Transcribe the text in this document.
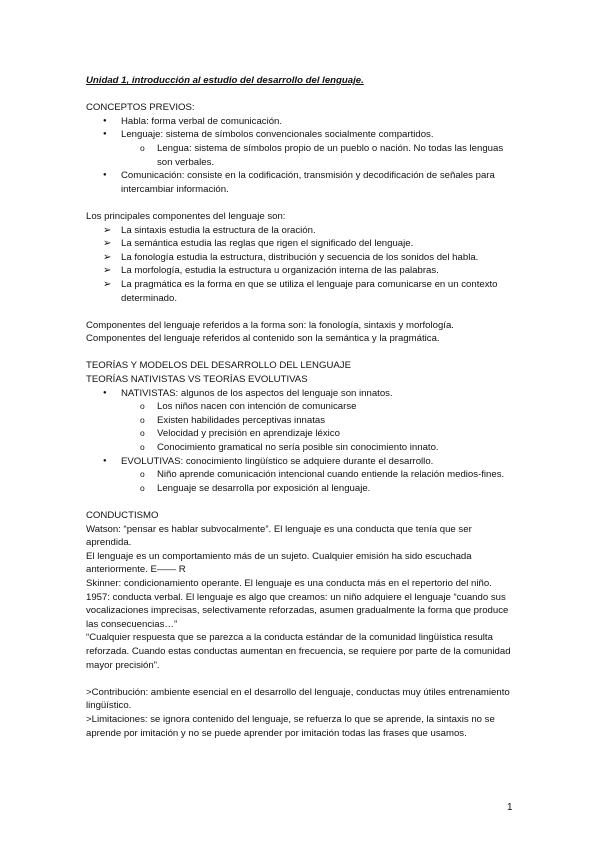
Unidad 1, introducción al estudio del desarrollo del lenguaje.

CONCEPTOS PREVIOS:

● Habla: forma verbal de comunicación.
● Lenguaje: sistema de símbolos convencionales socialmente compartidos.
o Lengua: sistema de símbolos propio de un pueblo o nación. No todas las lenguas son verbales.
● Comunicación: consiste en la codificación, transmisión y decodificación de señales para intercambiar información.

Los principales componentes del lenguaje son:

➢ La sintaxis estudia la estructura de la oración.
➢ La semántica estudia las reglas que rigen el significado del lenguaje.
➢ La fonología estudia la estructura, distribución y secuencia de los sonidos del habla.
➢ La morfología, estudia la estructura u organización interna de las palabras.
➢ La pragmática es la forma en que se utiliza el lenguaje para comunicarse en un contexto determinado.

Componentes del lenguaje referidos a la forma son: la fonología, sintaxis y morfología.

Componentes del lenguaje referidos al contenido son la semántica y la pragmática.

TEORÍAS Y MODELOS DEL DESARROLLO DEL LENGUAJE

TEORÍAS NATIVISTAS VS TEORÍAS EVOLUTIVAS

● NATIVISTAS: algunos de los aspectos del lenguaje son innatos.
o Los niños nacen con intención de comunicarse
o Existen habilidades perceptivas innatas
o Velocidad y precisión en aprendizaje léxico
o Conocimiento gramatical no sería posible sin conocimiento innato.
● EVOLUTIVAS: conocimiento lingüístico se adquiere durante el desarrollo.
o Niño aprende comunicación intencional cuando entiende la relación medios-fines.
o Lenguaje se desarrolla por exposición al lenguaje.

CONDUCTISMO

Watson: “pensar es hablar subvocalmente”. El lenguaje es una conducta que tenía que ser aprendida.

El lenguaje es un comportamiento más de un sujeto. Cualquier emisión ha sido escuchada anteriormente. E—— R

Skinner: condicionamiento operante. El lenguaje es una conducta más en el repertorio del niño.

1957: conducta verbal. El lenguaje es algo que creamos: un niño adquiere el lenguaje “cuando sus vocalizaciones imprecisas, selectivamente reforzadas, asumen gradualmente la forma que produce las consecuencias…”

“Cualquier respuesta que se parezca a la conducta estándar de la comunidad lingüística resulta reforzada. Cuando estas conductas aumentan en frecuencia, se requiere por parte de la comunidad mayor precisión”.

>Contribución: ambiente esencial en el desarrollo del lenguaje, conductas muy útiles entrenamiento lingüístico.

>Limitaciones: se ignora contenido del lenguaje, se refuerza lo que se aprende, la sintaxis no se aprende por imitación y no se puede aprender por imitación todas las frases que usamos.

1
